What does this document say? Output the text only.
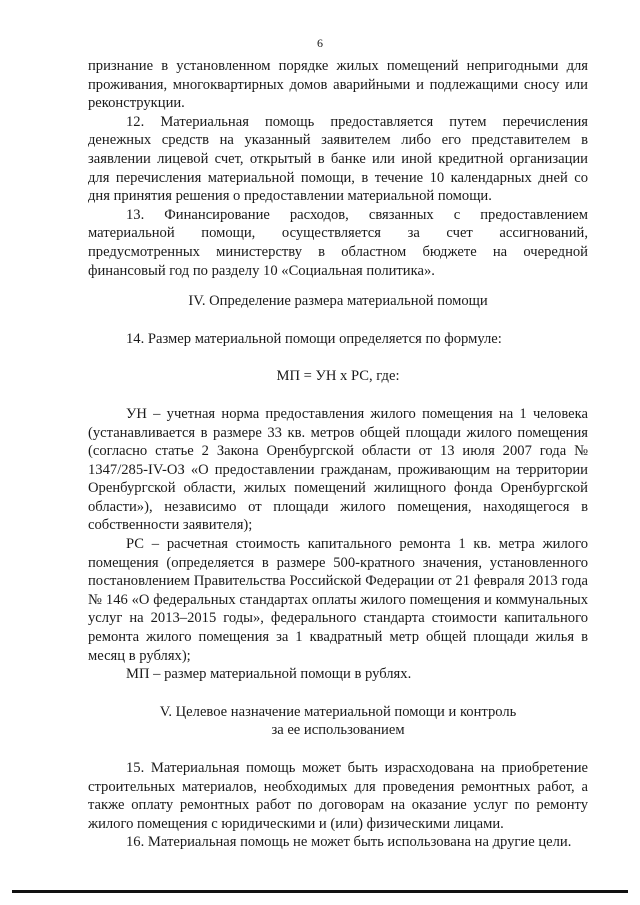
6

признание в установленном порядке жилых помещений непригодными для проживания, многоквартирных домов аварийными и подлежащими сносу или реконструкции.

12. Материальная помощь предоставляется путем перечисления денежных средств на указанный заявителем либо его представителем в заявлении лицевой счет, открытый в банке или иной кредитной организации для перечисления материальной помощи, в течение 10 календарных дней со дня принятия решения о предоставлении материальной помощи.

13. Финансирование расходов, связанных с предоставлением материальной помощи, осуществляется за счет ассигнований, предусмотренных министерству в областном бюджете на очередной финансовый год по разделу 10 «Социальная политика».

IV. Определение размера материальной помощи

14. Размер материальной помощи определяется по формуле:

МП = УН х РС, где:

УН – учетная норма предоставления жилого помещения на 1 человека (устанавливается в размере 33 кв. метров общей площади жилого помещения (согласно статье 2 Закона Оренбургской области от 13 июля 2007 года № 1347/285-IV-ОЗ «О предоставлении гражданам, проживающим на территории Оренбургской области, жилых помещений жилищного фонда Оренбургской области»), независимо от площади жилого помещения, находящегося в собственности заявителя);

РС – расчетная стоимость капитального ремонта 1 кв. метра жилого помещения (определяется в размере 500-кратного значения, установленного постановлением Правительства Российской Федерации от 21 февраля 2013 года № 146 «О федеральных стандартах оплаты жилого помещения и коммунальных услуг на 2013–2015 годы», федерального стандарта стоимости капитального ремонта жилого помещения за 1 квадратный метр общей площади жилья в месяц в рублях);

МП – размер материальной помощи в рублях.

V. Целевое назначение материальной помощи и контроль

за ее использованием

15. Материальная помощь может быть израсходована на приобретение строительных материалов, необходимых для проведения ремонтных работ, а также оплату ремонтных работ по договорам на оказание услуг по ремонту жилого помещения с юридическими и (или) физическими лицами.

16. Материальная помощь не может быть использована на другие цели.
